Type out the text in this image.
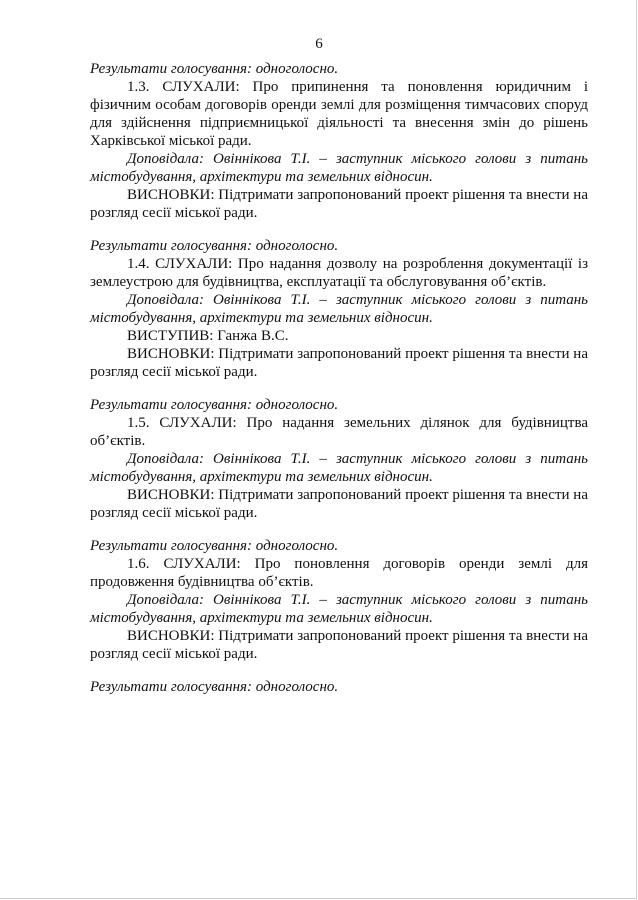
6

Результати голосування: одноголосно.

1.3. СЛУХАЛИ: Про припинення та поновлення юридичним і фізичним особам договорів оренди землі для розміщення тимчасових споруд для здійснення підприємницької діяльності та внесення змін до рішень Харківської міської ради.

Доповідала: Овіннікова Т.І. – заступник міського голови з питань містобудування, архітектури та земельних відносин.

ВИСНОВКИ: Підтримати запропонований проект рішення та внести на розгляд сесії міської ради.

Результати голосування: одноголосно.

1.4. СЛУХАЛИ: Про надання дозволу на розроблення документації із землеустрою для будівництва, експлуатації та обслуговування об’єктів.

Доповідала: Овіннікова Т.І. – заступник міського голови з питань містобудування, архітектури та земельних відносин.

ВИСТУПИВ: Ганжа В.С.

ВИСНОВКИ: Підтримати запропонований проект рішення та внести на розгляд сесії міської ради.

Результати голосування: одноголосно.

1.5. СЛУХАЛИ: Про надання земельних ділянок для будівництва об’єктів.

Доповідала: Овіннікова Т.І. – заступник міського голови з питань містобудування, архітектури та земельних відносин.

ВИСНОВКИ: Підтримати запропонований проект рішення та внести на розгляд сесії міської ради.

Результати голосування: одноголосно.

1.6. СЛУХАЛИ: Про поновлення договорів оренди землі для продовження будівництва об’єктів.

Доповідала: Овіннікова Т.І. – заступник міського голови з питань містобудування, архітектури та земельних відносин.

ВИСНОВКИ: Підтримати запропонований проект рішення та внести на розгляд сесії міської ради.

Результати голосування: одноголосно.
